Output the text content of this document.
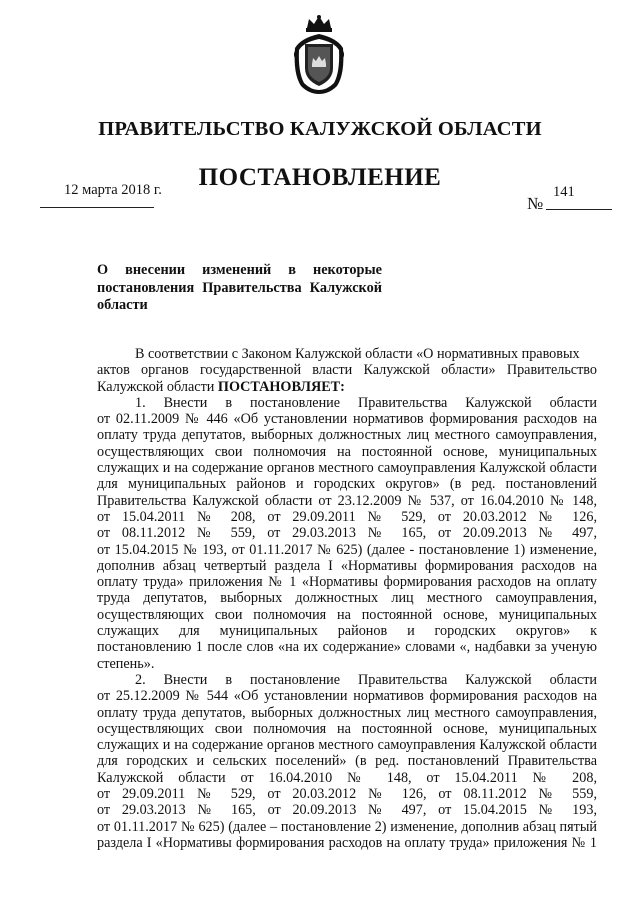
ПРАВИТЕЛЬСТВО КАЛУЖСКОЙ ОБЛАСТИ
ПОСТАНОВЛЕНИЕ
12 марта 2018 г.	141
№
О внесении изменений в некоторые постановления Правительства Калужской области
В соответствии с Законом Калужской области «О нормативных правовых
актов органов государственной власти Калужской области» Правительство
Калужской области ПОСТАНОВЛЯЕТ:
1. Внести в постановление Правительства Калужской области
от 02.11.2009 № 446 «Об установлении нормативов формирования расходов на
оплату труда депутатов, выборных должностных лиц местного самоуправления,
осуществляющих свои полномочия на постоянной основе, муниципальных
служащих и на содержание органов местного самоуправления Калужской области
для муниципальных районов и городских округов» (в ред. постановлений
Правительства Калужской области от 23.12.2009 № 537, от 16.04.2010 № 148,
от 15.04.2011 № 208, от 29.09.2011 № 529, от 20.03.2012 № 126,
от 08.11.2012 № 559, от 29.03.2013 № 165, от 20.09.2013 № 497,
от 15.04.2015 № 193, от 01.11.2017 № 625) (далее - постановление 1) изменение,
дополнив абзац четвертый раздела I «Нормативы формирования расходов на
оплату труда» приложения № 1 «Нормативы формирования расходов на оплату
труда депутатов, выборных должностных лиц местного самоуправления,
осуществляющих свои полномочия на постоянной основе, муниципальных
служащих для муниципальных районов и городских округов» к
постановлению 1 после слов «на их содержание» словами «, надбавки за ученую
степень».
2. Внести в постановление Правительства Калужской области
от 25.12.2009 № 544 «Об установлении нормативов формирования расходов на
оплату труда депутатов, выборных должностных лиц местного самоуправления,
осуществляющих свои полномочия на постоянной основе, муниципальных
служащих и на содержание органов местного самоуправления Калужской области
для городских и сельских поселений» (в ред. постановлений Правительства
Калужской области от 16.04.2010 № 148, от 15.04.2011 № 208,
от 29.09.2011 № 529, от 20.03.2012 № 126, от 08.11.2012 № 559,
от 29.03.2013 № 165, от 20.09.2013 № 497, от 15.04.2015 № 193,
от 01.11.2017 № 625) (далее – постановление 2) изменение, дополнив абзац пятый
раздела I «Нормативы формирования расходов на оплату труда» приложения № 1
